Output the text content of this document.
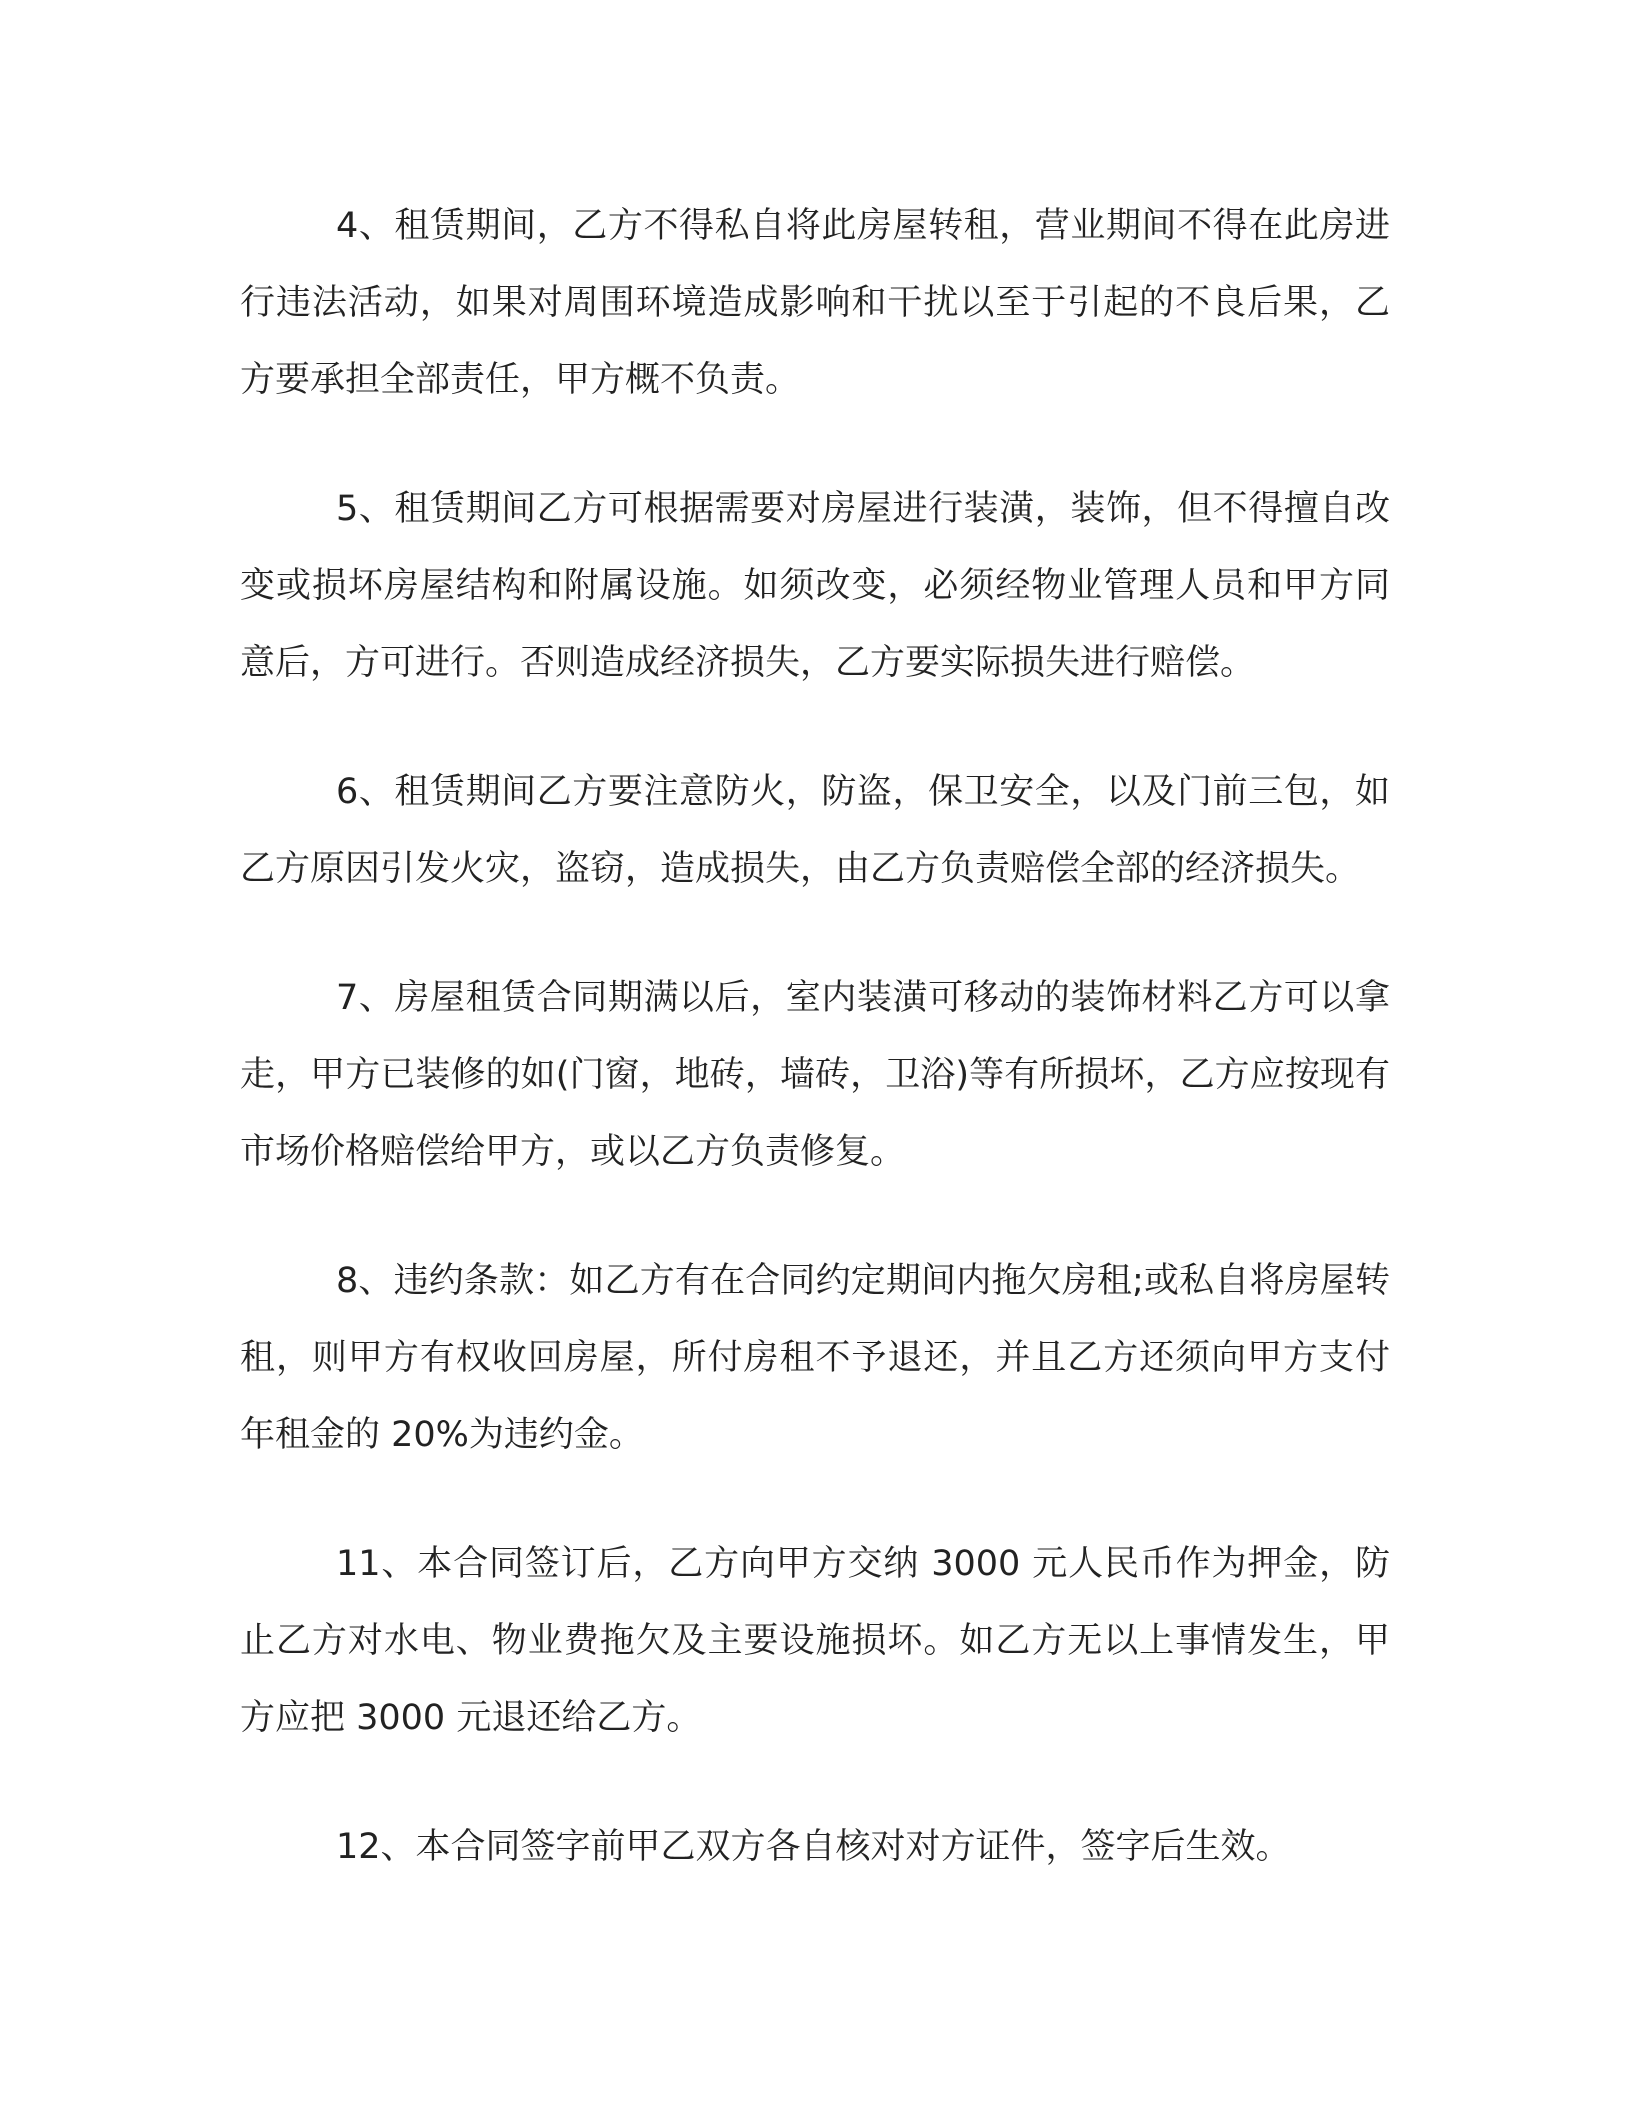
4、租赁期间，乙方不得私自将此房屋转租，营业期间不得在此房进行违法活动，如果对周围环境造成影响和干扰以至于引起的不良后果，乙方要承担全部责任，甲方概不负责。

5、租赁期间乙方可根据需要对房屋进行装潢，装饰，但不得擅自改变或损坏房屋结构和附属设施。如须改变，必须经物业管理人员和甲方同意后，方可进行。否则造成经济损失，乙方要实际损失进行赔偿。

6、租赁期间乙方要注意防火，防盗，保卫安全，以及门前三包，如乙方原因引发火灾，盗窃，造成损失，由乙方负责赔偿全部的经济损失。

7、房屋租赁合同期满以后，室内装潢可移动的装饰材料乙方可以拿走，甲方已装修的如(门窗，地砖，墙砖，卫浴)等有所损坏，乙方应按现有市场价格赔偿给甲方，或以乙方负责修复。

8、违约条款：如乙方有在合同约定期间内拖欠房租;或私自将房屋转租，则甲方有权收回房屋，所付房租不予退还，并且乙方还须向甲方支付年租金的 20%为违约金。

11、本合同签订后，乙方向甲方交纳 3000 元人民币作为押金，防止乙方对水电、物业费拖欠及主要设施损坏。如乙方无以上事情发生，甲方应把 3000 元退还给乙方。

12、本合同签字前甲乙双方各自核对对方证件，签字后生效。
